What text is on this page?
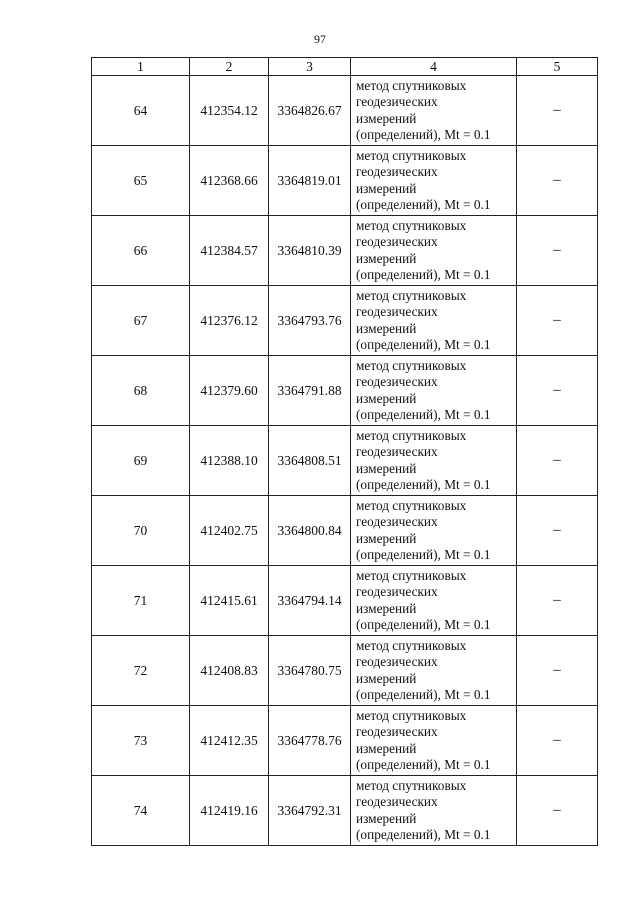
97
1	2	3	4	5
64	412354.12	3364826.67	метод спутниковых
геодезических
измерений
(определений), Mt = 0.1	–
65	412368.66	3364819.01	метод спутниковых
геодезических
измерений
(определений), Mt = 0.1	–
66	412384.57	3364810.39	метод спутниковых
геодезических
измерений
(определений), Mt = 0.1	–
67	412376.12	3364793.76	метод спутниковых
геодезических
измерений
(определений), Mt = 0.1	–
68	412379.60	3364791.88	метод спутниковых
геодезических
измерений
(определений), Mt = 0.1	–
69	412388.10	3364808.51	метод спутниковых
геодезических
измерений
(определений), Mt = 0.1	–
70	412402.75	3364800.84	метод спутниковых
геодезических
измерений
(определений), Mt = 0.1	–
71	412415.61	3364794.14	метод спутниковых
геодезических
измерений
(определений), Mt = 0.1	–
72	412408.83	3364780.75	метод спутниковых
геодезических
измерений
(определений), Mt = 0.1	–
73	412412.35	3364778.76	метод спутниковых
геодезических
измерений
(определений), Mt = 0.1	–
74	412419.16	3364792.31	метод спутниковых
геодезических
измерений
(определений), Mt = 0.1	–
